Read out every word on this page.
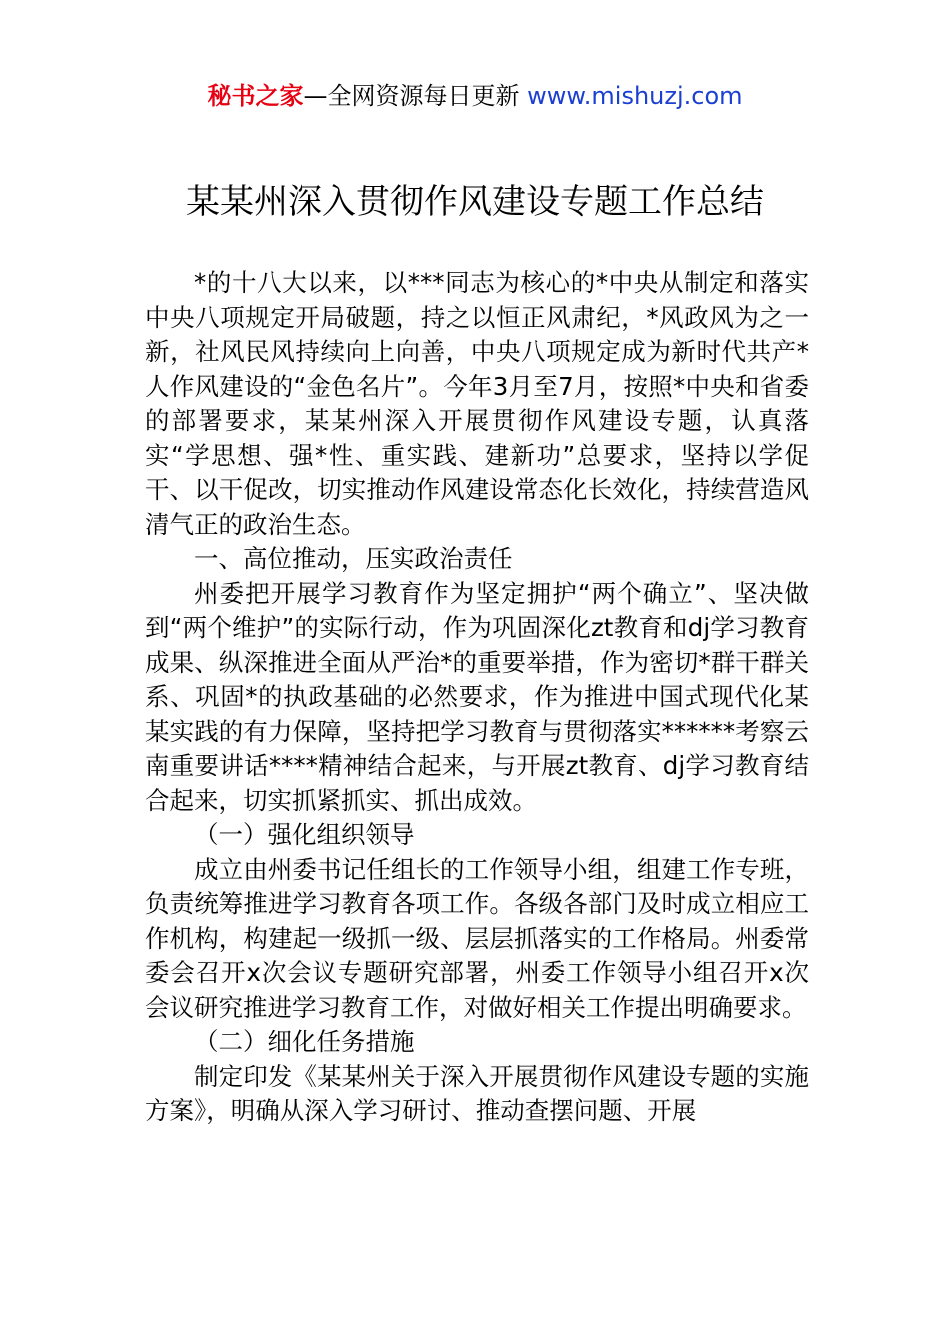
秘书之家—全网资源每日更新 www.mishuzj.com
某某州深入贯彻作风建设专题工作总结

*的十八大以来，以***同志为核心的*中央从制定和落实中央八项规定开局破题，持之以恒正风肃纪，*风政风为之一新，社风民风持续向上向善，中央八项规定成为新时代共产*人作风建设的“金色名片”。今年3月至7月，按照*中央和省委的部署要求，某某州深入开展贯彻作风建设专题，认真落实“学思想、强*性、重实践、建新功”总要求，坚持以学促干、以干促改，切实推动作风建设常态化长效化，持续营造风清气正的政治生态。

一、高位推动，压实政治责任

州委把开展学习教育作为坚定拥护“两个确立”、坚决做到“两个维护”的实际行动，作为巩固深化zt教育和dj学习教育成果、纵深推进全面从严治*的重要举措，作为密切*群干群关系、巩固*的执政基础的必然要求，作为推进中国式现代化某某实践的有力保障，坚持把学习教育与贯彻落实******考察云南重要讲话****精神结合起来，与开展zt教育、dj学习教育结合起来，切实抓紧抓实、抓出成效。

（一）强化组织领导

成立由州委书记任组长的工作领导小组，组建工作专班，负责统筹推进学习教育各项工作。各级各部门及时成立相应工作机构，构建起一级抓一级、层层抓落实的工作格局。州委常委会召开x次会议专题研究部署，州委工作领导小组召开x次会议研究推进学习教育工作，对做好相关工作提出明确要求。

（二）细化任务措施

制定印发《某某州关于深入开展贯彻作风建设专题的实施方案》，明确从深入学习研讨、推动查摆问题、开展
